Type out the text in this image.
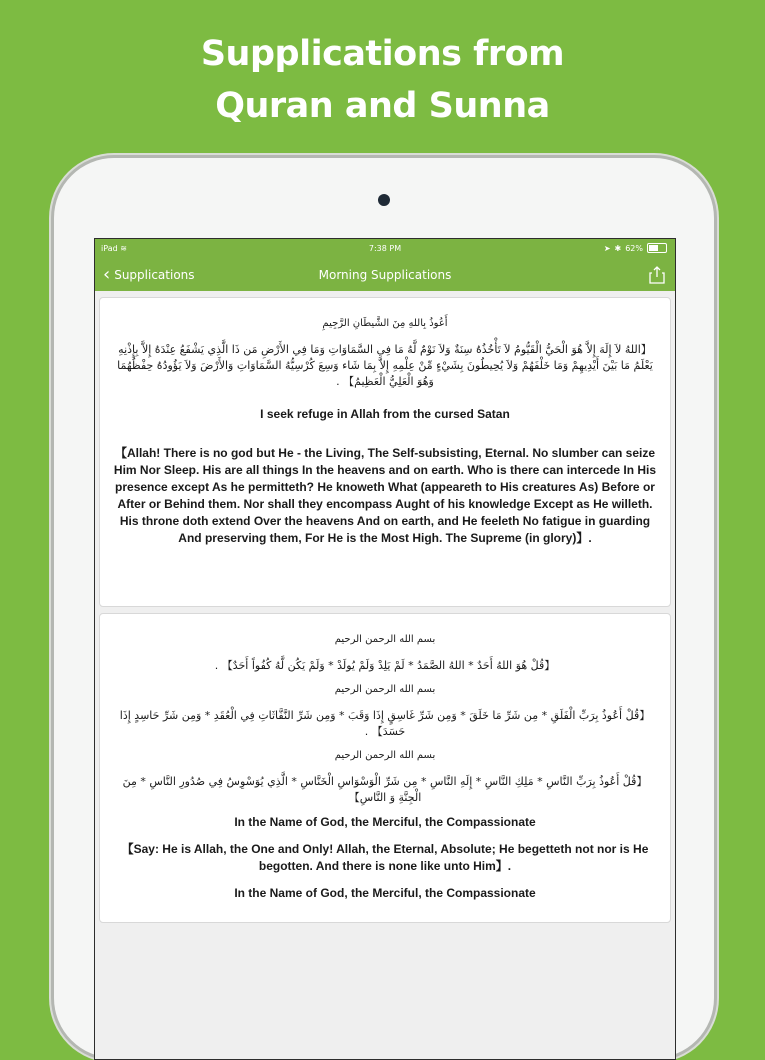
Supplications from
Quran and Sunna
iPad ≋	7:38 PM	➤ ✱ 62%
‹ Supplications	Morning Supplications
أَعُوذُ بِاللهِ مِنَ الشَّيطَانِ الرَّجِيمِ
【اللهُ لاَ إِلَهَ إِلاَّ هُوَ الْحَيُّ الْقَيُّومُ لاَ تَأْخُذُهُ سِنَةٌ وَلاَ نَوْمٌ لَّهُ مَا فِي السَّمَاوَاتِ وَمَا فِي الأَرْضِ مَن ذَا الَّذِي يَشْفَعُ عِنْدَهُ إِلاَّ بِإِذْنِهِ يَعْلَمُ مَا بَيْنَ أَيْدِيهِمْ وَمَا خَلْفَهُمْ وَلاَ يُحِيطُونَ بِشَيْءٍ مِّنْ عِلْمِهِ إِلاَّ بِمَا شَاء وَسِعَ كُرْسِيُّهُ السَّمَاوَاتِ وَالأَرْضَ وَلاَ يَؤُودُهُ حِفْظُهُمَا وَهُوَ الْعَلِيُّ الْعَظِيمُ】 .
I seek refuge in Allah from the cursed Satan
【Allah! There is no god but He - the Living, The Self-subsisting, Eternal. No slumber can seize Him Nor Sleep. His are all things In the heavens and on earth. Who is there can intercede In His presence except As he permitteth? He knoweth What (appeareth to His creatures As) Before or After or Behind them. Nor shall they encompass Aught of his knowledge Except as He willeth. His throne doth extend Over the heavens And on earth, and He feeleth No fatigue in guarding And preserving them, For He is the Most High. The Supreme (in glory)】.
بسم الله الرحمن الرحيم
【قُلْ هُوَ اللهُ أَحَدٌ * اللهُ الصَّمَدُ * لَمْ يَلِدْ وَلَمْ يُولَدْ * وَلَمْ يَكُن لَّهُ كُفُواً أَحَدٌ】 .
بسم الله الرحمن الرحيم
【قُلْ أَعُوذُ بِرَبِّ الْفَلَقِ * مِن شَرِّ مَا خَلَقَ * وَمِن شَرِّ غَاسِقٍ إِذَا وَقَبَ * وَمِن شَرِّ النَّفَّاثَاتِ فِي الْعُقَدِ * وَمِن شَرِّ حَاسِدٍ إِذَا حَسَدَ】 .
بسم الله الرحمن الرحيم
【قُلْ أَعُوذُ بِرَبِّ النَّاسِ * مَلِكِ النَّاسِ * إِلَهِ النَّاسِ * مِن شَرِّ الْوَسْوَاسِ الْخَنَّاسِ * الَّذِي يُوَسْوِسُ فِي صُدُورِ النَّاسِ * مِنَ الْجِنَّةِ وَ النَّاسِ】
In the Name of God, the Merciful, the Compassionate
【Say: He is Allah, the One and Only! Allah, the Eternal, Absolute; He begetteth not nor is He begotten. And there is none like unto Him】.
In the Name of God, the Merciful, the Compassionate
